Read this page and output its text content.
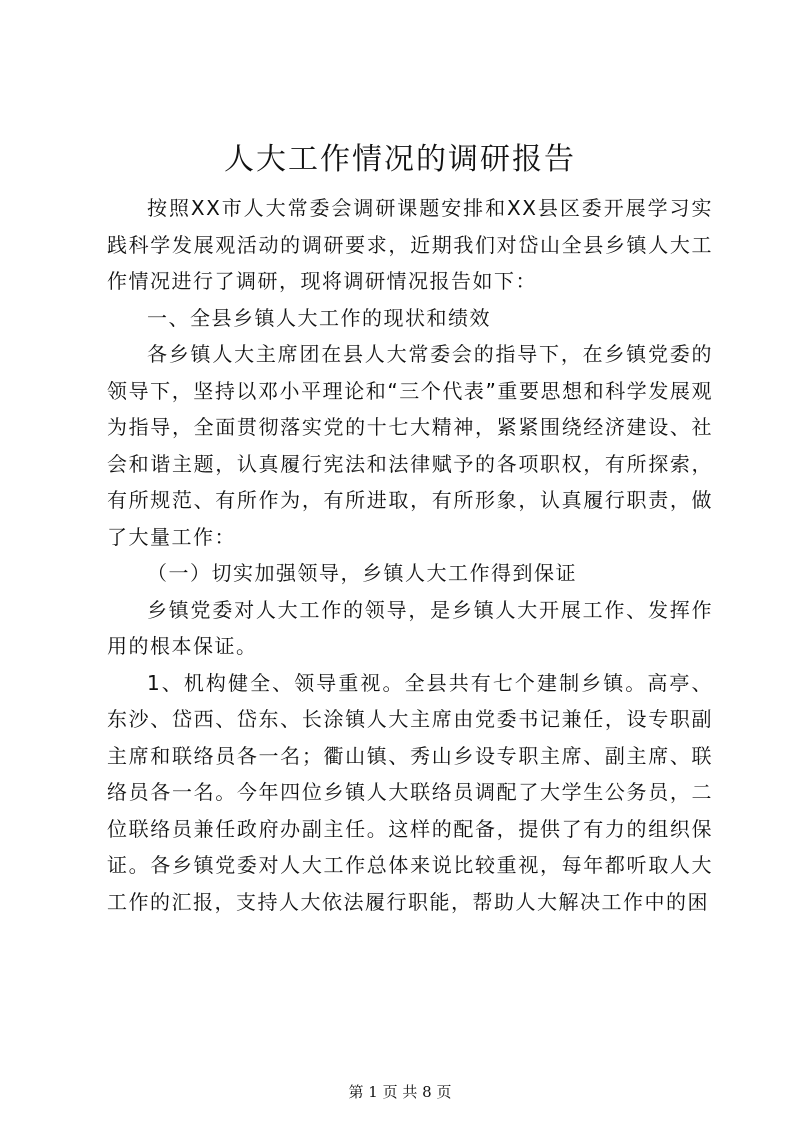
人大工作情况的调研报告

按照XX市人大常委会调研课题安排和XX县区委开展学习实践科学发展观活动的调研要求，近期我们对岱山全县乡镇人大工作情况进行了调研，现将调研情况报告如下：

一、全县乡镇人大工作的现状和绩效

各乡镇人大主席团在县人大常委会的指导下，在乡镇党委的领导下，坚持以邓小平理论和“三个代表”重要思想和科学发展观为指导，全面贯彻落实党的十七大精神，紧紧围绕经济建设、社会和谐主题，认真履行宪法和法律赋予的各项职权，有所探索，有所规范、有所作为，有所进取，有所形象，认真履行职责，做了大量工作：

（一）切实加强领导，乡镇人大工作得到保证

乡镇党委对人大工作的领导，是乡镇人大开展工作、发挥作用的根本保证。

1、机构健全、领导重视。全县共有七个建制乡镇。高亭、东沙、岱西、岱东、长涂镇人大主席由党委书记兼任，设专职副主席和联络员各一名；衢山镇、秀山乡设专职主席、副主席、联络员各一名。今年四位乡镇人大联络员调配了大学生公务员，二位联络员兼任政府办副主任。这样的配备，提供了有力的组织保证。各乡镇党委对人大工作总体来说比较重视，每年都听取人大工作的汇报，支持人大依法履行职能，帮助人大解决工作中的困

第 1 页 共 8 页
